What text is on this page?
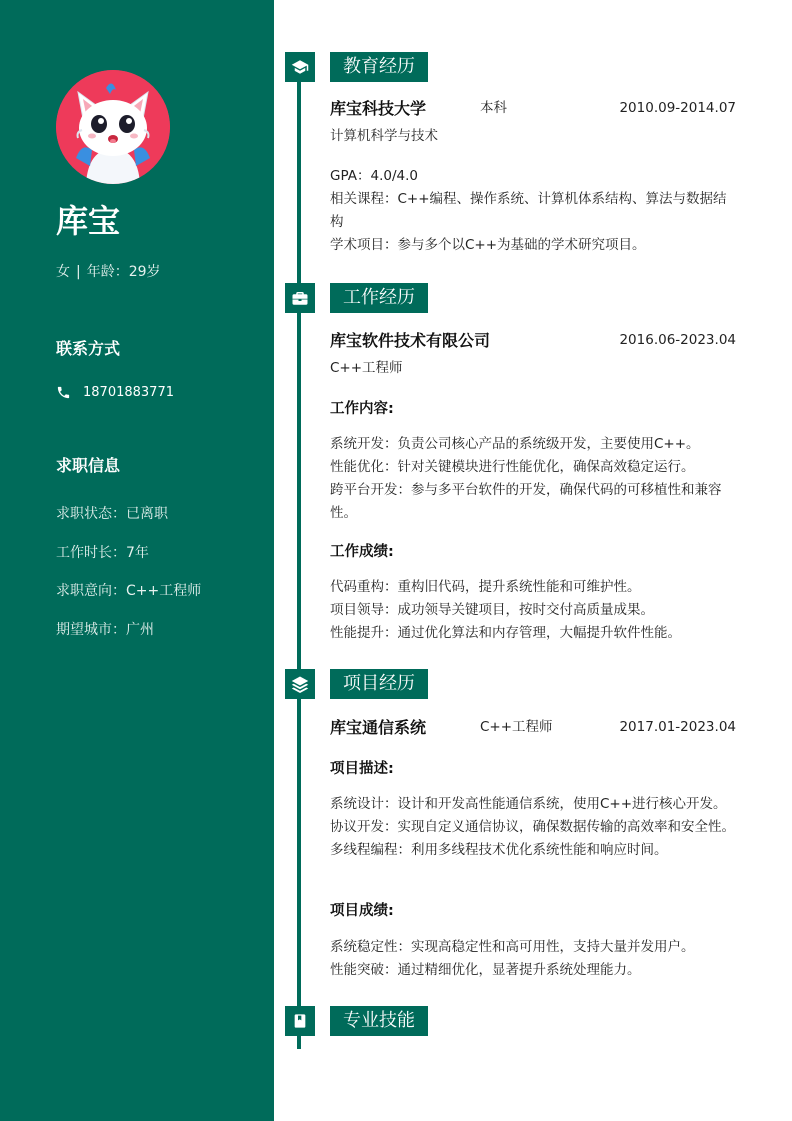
库宝
女 | 年龄：29岁
联系方式
18701883771
求职信息
求职状态：已离职
工作时长：7年
求职意向：C++工程师
期望城市：广州
教育经历
库宝科技大学	本科	2010.09-2014.07
计算机科学与技术
GPA：4.0/4.0
相关课程：C++编程、操作系统、计算机体系结构、算法与数据结构
学术项目：参与多个以C++为基础的学术研究项目。
工作经历
库宝软件技术有限公司	2016.06-2023.04
C++工程师
工作内容:
系统开发：负责公司核心产品的系统级开发，主要使用C++。
性能优化：针对关键模块进行性能优化，确保高效稳定运行。
跨平台开发：参与多平台软件的开发，确保代码的可移植性和兼容性。
工作成绩:
代码重构：重构旧代码，提升系统性能和可维护性。
项目领导：成功领导关键项目，按时交付高质量成果。
性能提升：通过优化算法和内存管理，大幅提升软件性能。
项目经历
库宝通信系统	C++工程师	2017.01-2023.04
项目描述:
系统设计：设计和开发高性能通信系统，使用C++进行核心开发。
协议开发：实现自定义通信协议，确保数据传输的高效率和安全性。
多线程编程：利用多线程技术优化系统性能和响应时间。
项目成绩:
系统稳定性：实现高稳定性和高可用性，支持大量并发用户。
性能突破：通过精细优化，显著提升系统处理能力。
专业技能
